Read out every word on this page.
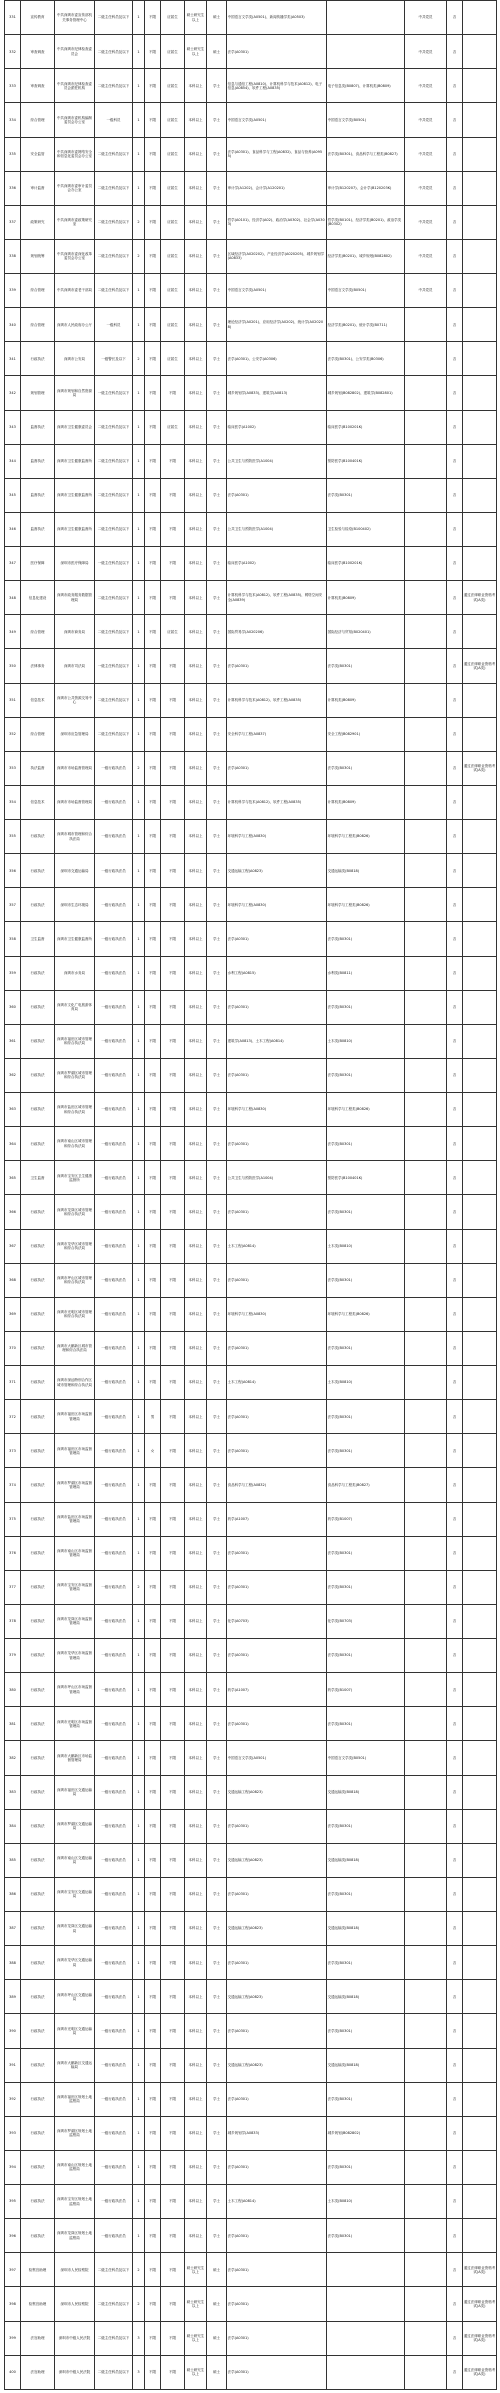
331	宣传教育	中共深圳市委宣传部机关事务管理中心	二级主任科员及以下	1	不限	应届生	硕士研究生以上	硕士	中国语言文学类(A0501)、新闻传播学类(A0503)		中共党员	否	
332	审查调查	中共深圳市纪律检查委员会	二级主任科员及以下	1	不限	应届生	硕士研究生以上	硕士	法学(A0301)		中共党员	否	
333	审查调查	中共深圳市纪律检查委员会派驻机构	二级主任科员及以下	1	不限	应届生	本科以上	学士	信息与通信工程(A0810)、计算机科学与技术(A0812)、电子信息(A0854)、软件工程(A0835)	电子信息类(B0807)、计算机类(B0809)	中共党员	否	
334	综合管理	中共深圳市委机构编制委员会办公室	一级科员	1	不限	应届生	本科以上	学士	中国语言文学类(A0501)	中国语言文学类(B0501)	中共党员	否	
335	安全监管	中共深圳市委网络安全和信息化委员会办公室	二级主任科员及以下	1	不限	应届生	本科以上	学士	法学(A0301)、食品科学与工程(A0832)、食品与营养(A0955)	法学类(B0301)、食品科学与工程类(B0827)	中共党员	否	
336	审计监督	中共深圳市委审计委员会办公室	二级主任科员及以下	1	不限	应届生	本科以上	学士	审计学(A1202)、会计学(A120201)	审计学(B120207)、会计学(B120203K)	中共党员	否	
337	政策研究	中共深圳市委政策研究室	二级主任科员及以下	2	不限	应届生	本科以上	学士	哲学(A0101)、经济学(A02)、政治学(A0302)、社会学(A0303)	哲学类(B0101)、经济学类(B0201)、政治学类(B0302)	中共党员	否	
338	规划统筹	中共深圳市委深化改革委员会办公室	二级主任科员及以下	2	不限	应届生	本科以上	学士	区域经济学(A020202)、产业经济学(A020205)、城乡规划学(A0833)	经济学类(B0201)、城乡规划(B082802)	中共党员	否	
339	综合管理	中共深圳市委老干部局	二级主任科员及以下	1	不限	应届生	本科以上	学士	中国语言文学类(A0501)	中国语言文学类(B0501)	中共党员	否	
340	综合管理	深圳市人民政府办公厅	一级科员	1	不限	应届生	本科以上	学士	理论经济学(A0201)、应用经济学(A0202)、统计学(A020208)	经济学类(B0201)、统计学类(B0711)		否	
341	行政执法	深圳市公安局	一级警长及以下	2	不限	应届生	本科以上	学士	法学(A0301)、公安学(A0306)	法学类(B0301)、公安学类(B0306)		否	
342	规划管理	深圳市规划和自然资源局	一级主任科员及以下	1	不限	不限	本科以上	学士	城乡规划学(A0833)、建筑学(A0813)	城乡规划(B082802)、建筑学(B082801)		否	
343	监督执法	深圳市卫生健康委员会	二级主任科员及以下	1	不限	应届生	本科以上	学士	临床医学(A1002)	临床医学(B100201K)		否	
344	监督执法	深圳市卫生健康监督所	二级主任科员及以下	1	不限	不限	本科以上	学士	公共卫生与预防医学(A1004)	预防医学(B100401K)		否	
345	监督执法	深圳市卫生健康监督所	二级主任科员及以下	1	不限	不限	本科以上	学士	法学(A0301)	法学类(B0301)		否	
346	监督执法	深圳市卫生健康监督所	二级主任科员及以下	1	不限	不限	本科以上	学士	公共卫生与预防医学(A1004)	卫生检验与检疫(B100402)		否	
347	医疗保障	深圳市医疗保障局	一级主任科员及以下	1	不限	不限	本科以上	学士	临床医学(A1002)	临床医学(B100201K)		否	
348	信息化建设	深圳市政务服务数据管理局	二级主任科员及以下	1	不限	不限	本科以上	学士	计算机科学与技术(A0812)、软件工程(A0835)、网络空间安全(A0839)	计算机类(B0809)		否	通过法律职业资格考试(A类)
349	综合管理	深圳市商务局	二级主任科员及以下	1	不限	应届生	本科以上	学士	国际贸易学(A020206)	国际经济与贸易(B020401)		否	
350	法律事务	深圳市司法局	一级主任科员及以下	1	不限	不限	本科以上	学士	法学(A0301)	法学类(B0301)		否	通过法律职业资格考试(A类)
351	信息技术	深圳市公共资源交易中心	二级主任科员及以下	1	不限	不限	本科以上	学士	计算机科学与技术(A0812)、软件工程(A0835)	计算机类(B0809)		否	
352	综合管理	深圳市应急管理局	二级主任科员及以下	1	不限	不限	本科以上	学士	安全科学与工程(A0837)	安全工程(B082901)		否	
353	执法监督	深圳市市场监督管理局	一级行政执法员	2	不限	不限	本科以上	学士	法学(A0301)	法学类(B0301)		否	通过法律职业资格考试(A类)
354	信息技术	深圳市市场监督管理局	一级行政执法员	1	不限	不限	本科以上	学士	计算机科学与技术(A0812)、软件工程(A0835)	计算机类(B0809)		否	
355	行政执法	深圳市城市管理和综合执法局	一级行政执法员	1	不限	不限	本科以上	学士	环境科学与工程(A0830)	环境科学与工程类(B0826)		否	
356	行政执法	深圳市交通运输局	一级行政执法员	1	不限	不限	本科以上	学士	交通运输工程(A0823)	交通运输类(B0818)		否	
357	行政执法	深圳市生态环境局	一级行政执法员	1	不限	不限	本科以上	学士	环境科学与工程(A0830)	环境科学与工程类(B0826)		否	
358	卫生监督	深圳市卫生健康监督所	一级行政执法员	1	不限	不限	本科以上	学士	法学(A0301)	法学类(B0301)		否	
359	行政执法	深圳市水务局	一级行政执法员	1	不限	不限	本科以上	学士	水利工程(A0815)	水利类(B0811)		否	
360	行政执法	深圳市文化广电旅游体育局	一级行政执法员	1	不限	不限	本科以上	学士	法学(A0301)	法学类(B0301)		否	
361	行政执法	深圳市福田区城市管理和综合执法局	一级行政执法员	1	不限	不限	本科以上	学士	建筑学(A0813)、土木工程(A0814)	土木类(B0810)		否	
362	行政执法	深圳市罗湖区城市管理和综合执法局	一级行政执法员	1	不限	不限	本科以上	学士	法学(A0301)	法学类(B0301)		否	
363	行政执法	深圳市盐田区城市管理和综合执法局	一级行政执法员	1	不限	不限	本科以上	学士	环境科学与工程(A0830)	环境科学与工程类(B0826)		否	
364	行政执法	深圳市南山区城市管理和综合执法局	一级行政执法员	1	不限	不限	本科以上	学士	法学(A0301)	法学类(B0301)		否	
365	卫生监督	深圳市宝安区卫生健康监督所	一级行政执法员	1	不限	不限	本科以上	学士	公共卫生与预防医学(A1004)	预防医学(B100401K)		否	
366	行政执法	深圳市龙岗区城市管理和综合执法局	一级行政执法员	1	不限	不限	本科以上	学士	法学(A0301)	法学类(B0301)		否	
367	行政执法	深圳市龙华区城市管理和综合执法局	一级行政执法员	1	不限	不限	本科以上	学士	土木工程(A0814)	土木类(B0810)		否	
368	行政执法	深圳市坪山区城市管理和综合执法局	一级行政执法员	1	不限	不限	本科以上	学士	法学(A0301)	法学类(B0301)		否	
369	行政执法	深圳市光明区城市管理和综合执法局	一级行政执法员	1	不限	不限	本科以上	学士	环境科学与工程(A0830)	环境科学与工程类(B0826)		否	
370	行政执法	深圳市大鹏新区城市管理和综合执法局	一级行政执法员	1	不限	不限	本科以上	学士	法学(A0301)	法学类(B0301)		否	
371	行政执法	深圳市深汕特别合作区城市管理和综合执法局	一级行政执法员	1	不限	不限	本科以上	学士	土木工程(A0814)	土木类(B0810)		否	
372	行政执法	深圳市福田区市场监督管理局	一级行政执法员	1	男	不限	本科以上	学士	法学(A0301)	法学类(B0301)		否	
373	行政执法	深圳市福田区市场监督管理局	一级行政执法员	1	女	不限	本科以上	学士	法学(A0301)	法学类(B0301)		否	
374	行政执法	深圳市罗湖区市场监督管理局	一级行政执法员	1	不限	不限	本科以上	学士	食品科学与工程(A0832)	食品科学与工程类(B0827)		否	
375	行政执法	深圳市盐田区市场监督管理局	一级行政执法员	1	不限	不限	本科以上	学士	药学(A1007)	药学类(B1007)		否	
376	行政执法	深圳市南山区市场监督管理局	一级行政执法员	1	不限	不限	本科以上	学士	法学(A0301)	法学类(B0301)		否	
377	行政执法	深圳市宝安区市场监督管理局	一级行政执法员	2	不限	不限	本科以上	学士	法学(A0301)	法学类(B0301)		否	
378	行政执法	深圳市龙岗区市场监督管理局	一级行政执法员	1	不限	不限	本科以上	学士	化学(A0703)	化学类(B0703)		否	
379	行政执法	深圳市龙华区市场监督管理局	一级行政执法员	1	不限	不限	本科以上	学士	法学(A0301)	法学类(B0301)		否	
380	行政执法	深圳市坪山区市场监督管理局	一级行政执法员	1	不限	不限	本科以上	学士	药学(A1007)	药学类(B1007)		否	
381	行政执法	深圳市光明区市场监督管理局	一级行政执法员	1	不限	不限	本科以上	学士	法学(A0301)	法学类(B0301)		否	
382	行政执法	深圳市大鹏新区市场监督管理局	一级行政执法员	1	不限	不限	本科以上	学士	中国语言文学类(A0501)	中国语言文学类(B0501)		否	
383	行政执法	深圳市福田区交通运输局	一级行政执法员	1	不限	不限	本科以上	学士	交通运输工程(A0823)	交通运输类(B0818)		否	
384	行政执法	深圳市罗湖区交通运输局	一级行政执法员	1	不限	不限	本科以上	学士	法学(A0301)	法学类(B0301)		否	
385	行政执法	深圳市南山区交通运输局	一级行政执法员	1	不限	不限	本科以上	学士	交通运输工程(A0823)	交通运输类(B0818)		否	
386	行政执法	深圳市宝安区交通运输局	一级行政执法员	1	不限	不限	本科以上	学士	法学(A0301)	法学类(B0301)		否	
387	行政执法	深圳市龙岗区交通运输局	一级行政执法员	1	不限	不限	本科以上	学士	交通运输工程(A0823)	交通运输类(B0818)		否	
388	行政执法	深圳市龙华区交通运输局	一级行政执法员	1	不限	不限	本科以上	学士	法学(A0301)	法学类(B0301)		否	
389	行政执法	深圳市坪山区交通运输局	一级行政执法员	1	不限	不限	本科以上	学士	交通运输工程(A0823)	交通运输类(B0818)		否	
390	行政执法	深圳市光明区交通运输局	一级行政执法员	1	不限	不限	本科以上	学士	法学(A0301)	法学类(B0301)		否	
391	行政执法	深圳市大鹏新区交通运输局	一级行政执法员	1	不限	不限	本科以上	学士	交通运输工程(A0823)	交通运输类(B0818)		否	
392	行政执法	深圳市福田区规划土地监察局	一级行政执法员	1	不限	不限	本科以上	学士	法学(A0301)	法学类(B0301)		否	
393	行政执法	深圳市罗湖区规划土地监察局	一级行政执法员	1	不限	不限	本科以上	学士	城乡规划学(A0833)	城乡规划(B082802)		否	
394	行政执法	深圳市南山区规划土地监察局	一级行政执法员	1	不限	不限	本科以上	学士	法学(A0301)	法学类(B0301)		否	
395	行政执法	深圳市宝安区规划土地监察局	一级行政执法员	1	不限	不限	本科以上	学士	土木工程(A0814)	土木类(B0810)		否	
396	行政执法	深圳市龙岗区规划土地监察局	一级行政执法员	1	不限	不限	本科以上	学士	法学(A0301)	法学类(B0301)		否	
397	检察官助理	深圳市人民检察院	二级主任科员及以下	2	不限	不限	硕士研究生以上	硕士	法学(A0301)			否	通过法律职业资格考试(A类)
398	检察官助理	深圳市人民检察院	二级主任科员及以下	2	不限	不限	硕士研究生以上	硕士	法学(A0301)			否	通过法律职业资格考试(A类)
399	法官助理	深圳市中级人民法院	二级主任科员及以下	3	不限	不限	硕士研究生以上	硕士	法学(A0301)			否	通过法律职业资格考试(A类)
400	法官助理	深圳市中级人民法院	二级主任科员及以下	3	不限	不限	硕士研究生以上	硕士	法学(A0301)			否	通过法律职业资格考试(A类)
